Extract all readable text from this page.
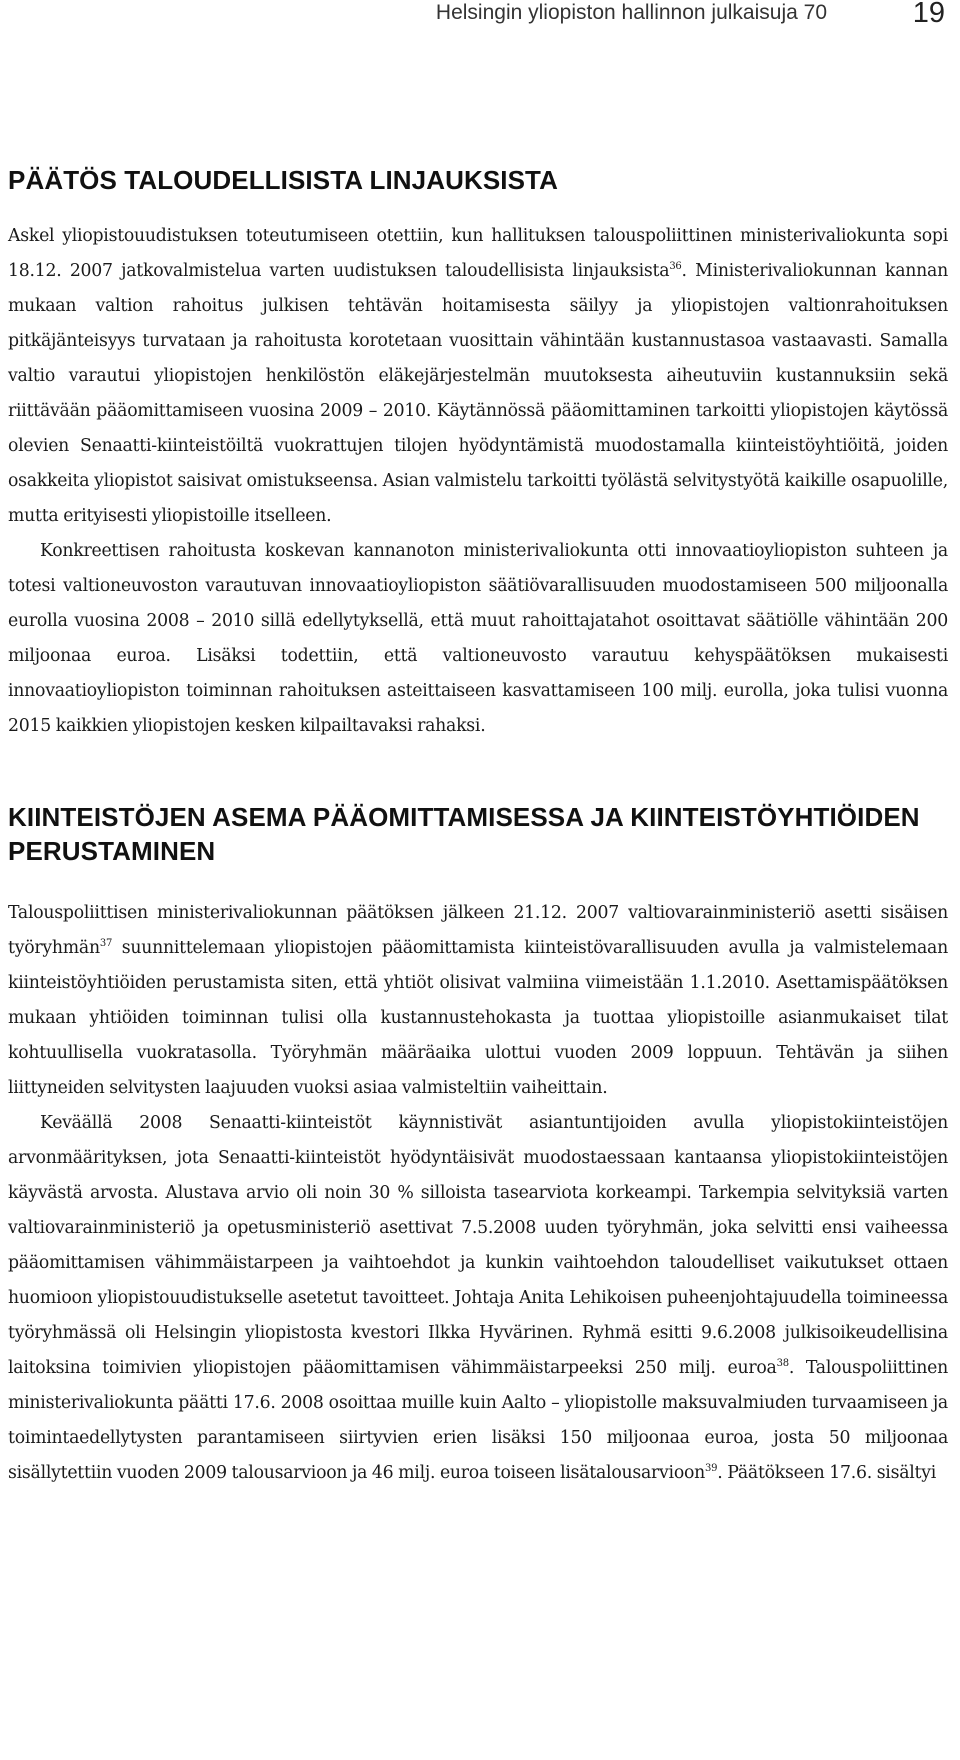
Helsingin yliopiston hallinnon julkaisuja 70	19
PÄÄTÖS TALOUDELLISISTA LINJAUKSISTA

Askel yliopistouudistuksen toteutumiseen otettiin, kun hallituksen talouspoliittinen ministerivaliokunta sopi 18.12. 2007 jatkovalmistelua varten uudistuksen taloudellisista linjauksista$^{36}$. Ministerivaliokunnan kannan mukaan valtion rahoitus julkisen tehtävän hoitamisesta säilyy ja yliopistojen valtionrahoituksen pitkäjänteisyys turvataan ja rahoitusta korotetaan vuosittain vähintään kustannustasoa vastaavasti. Samalla valtio varautui yliopistojen henkilöstön eläkejärjestelmän muutoksesta aiheutuviin kustannuksiin sekä riittävään pääomittamiseen vuosina 2009 – 2010. Käytännössä pääomittaminen tarkoitti yliopistojen käytössä olevien Senaatti-kiinteistöiltä vuokrattujen tilojen hyödyntämistä muodostamalla kiinteistöyhtiöitä, joiden osakkeita yliopistot saisivat omistukseensa. Asian valmistelu tarkoitti työlästä selvitystyötä kaikille osapuolille, mutta erityisesti yliopistoille itselleen.

Konkreettisen rahoitusta koskevan kannanoton ministerivaliokunta otti innovaatioyliopiston suhteen ja totesi valtioneuvoston varautuvan innovaatioyliopiston säätiövarallisuuden muodostamiseen 500 miljoonalla eurolla vuosina 2008 – 2010 sillä edellytyksellä, että muut rahoittajatahot osoittavat säätiölle vähintään 200 miljoonaa euroa. Lisäksi todettiin, että valtioneuvosto varautuu kehyspäätöksen mukaisesti innovaatioyliopiston toiminnan rahoituksen asteittaiseen kasvattamiseen 100 milj. eurolla, joka tulisi vuonna 2015 kaikkien yliopistojen kesken kilpailtavaksi rahaksi.

KIINTEISTÖJEN ASEMA PÄÄOMITTAMISESSA JA KIINTEISTÖYHTIÖIDEN PERUSTAMINEN

Talouspoliittisen ministerivaliokunnan päätöksen jälkeen 21.12. 2007 valtiovarainministeriö asetti sisäisen työryhmän$^{37}$ suunnittelemaan yliopistojen pääomittamista kiinteistövarallisuuden avulla ja valmistelemaan kiinteistöyhtiöiden perustamista siten, että yhtiöt olisivat valmiina viimeistään 1.1.2010. Asettamispäätöksen mukaan yhtiöiden toiminnan tulisi olla kustannustehokasta ja tuottaa yliopistoille asianmukaiset tilat kohtuullisella vuokratasolla. Työryhmän määräaika ulottui vuoden 2009 loppuun. Tehtävän ja siihen liittyneiden selvitysten laajuuden vuoksi asiaa valmisteltiin vaiheittain.

Keväällä 2008 Senaatti-kiinteistöt käynnistivät asiantuntijoiden avulla yliopistokiinteistöjen arvonmäärityksen, jota Senaatti-kiinteistöt hyödyntäisivät muodostaessaan kantaansa yliopistokiinteistöjen käyvästä arvosta. Alustava arvio oli noin 30 % silloista tasearviota korkeampi. Tarkempia selvityksiä varten valtiovarainministeriö ja opetusministeriö asettivat 7.5.2008 uuden työryhmän, joka selvitti ensi vaiheessa pääomittamisen vähimmäistarpeen ja vaihtoehdot ja kunkin vaihtoehdon taloudelliset vaikutukset ottaen huomioon yliopistouudistukselle asetetut tavoitteet. Johtaja Anita Lehikoisen puheenjohtajuudella toimineessa työryhmässä oli Helsingin yliopistosta kvestori Ilkka Hyvärinen. Ryhmä esitti 9.6.2008 julkisoikeudellisina laitoksina toimivien yliopistojen pääomittamisen vähimmäistarpeeksi 250 milj. euroa$^{38}$. Talouspoliittinen ministerivaliokunta päätti 17.6. 2008 osoittaa muille kuin Aalto – yliopistolle maksuvalmiuden turvaamiseen ja toimintaedellytysten parantamiseen siirtyvien erien lisäksi 150 miljoonaa euroa, josta 50 miljoonaa sisällytettiin vuoden 2009 talousarvioon ja 46 milj. euroa toiseen lisätalousarvioon$^{39}$. Päätökseen 17.6. sisältyi
